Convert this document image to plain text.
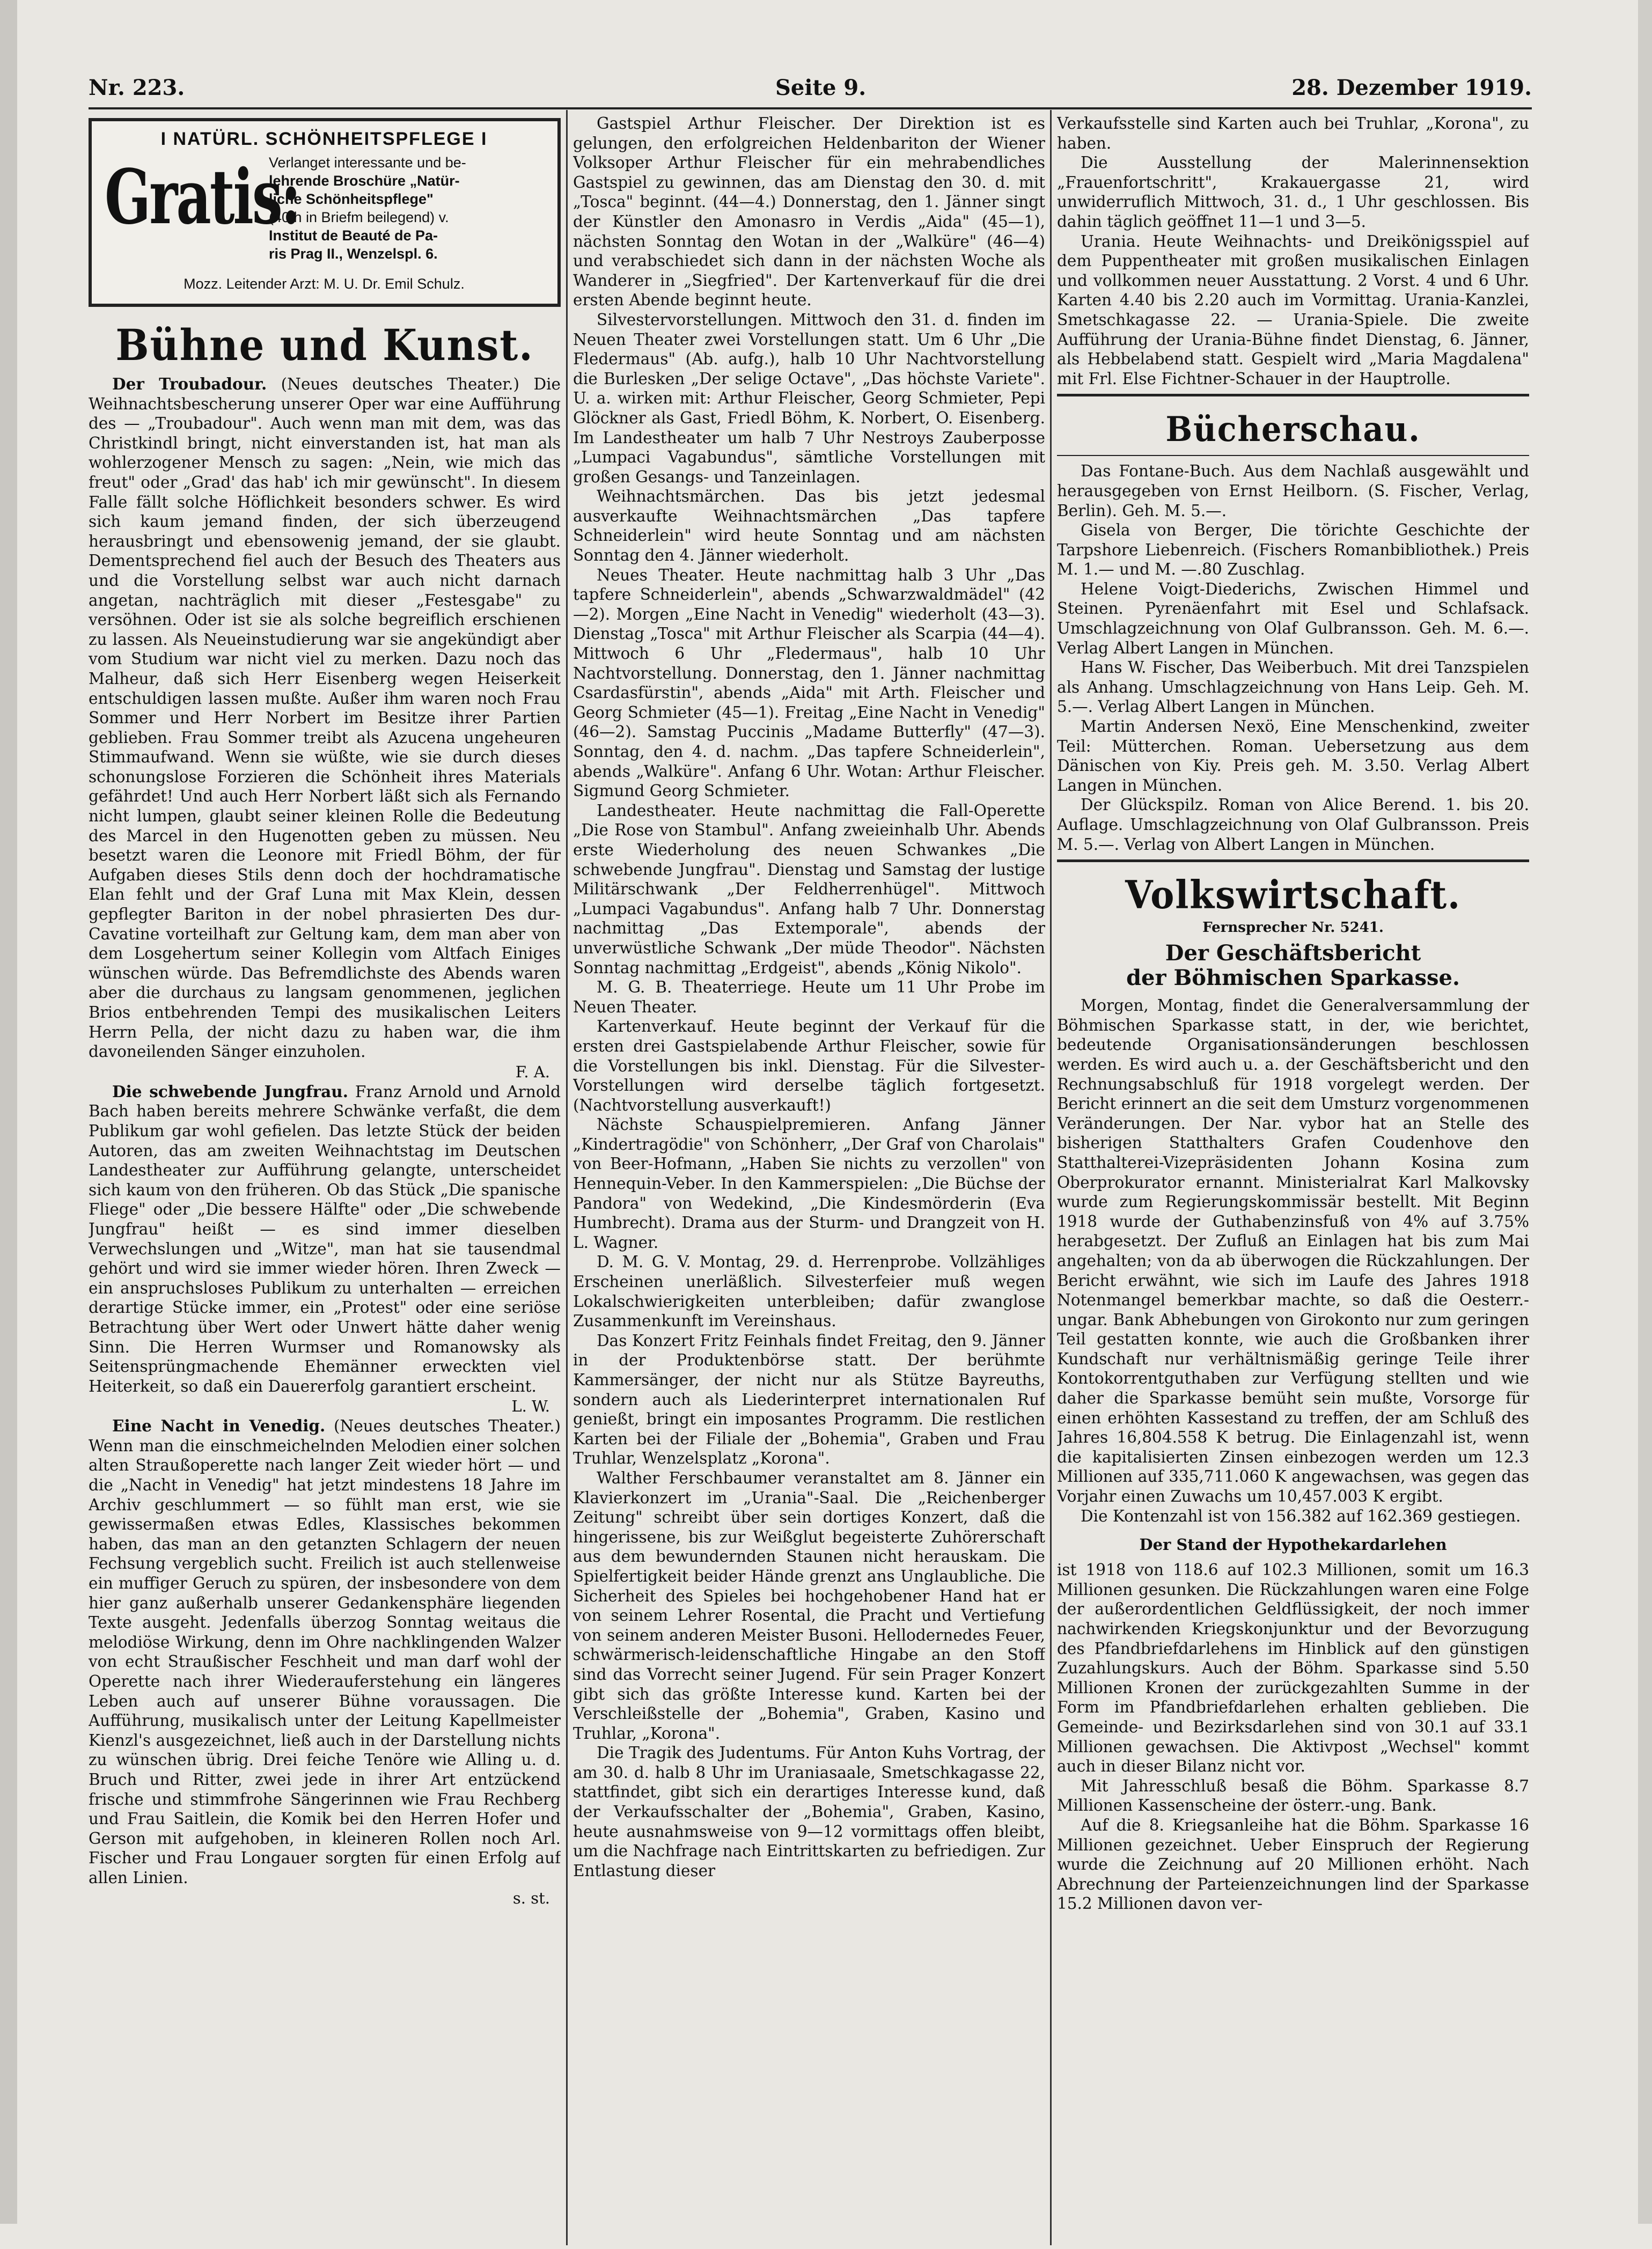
Nr. 223.	Seite 9.	28. Dezember 1919.
I NATÜRL. SCHÖNHEITSPFLEGE I
Gratis:
Verlanget interessante und be-
lehrende Broschüre „Natür-
liche Schönheitspflege"
(40 h in Briefm beilegend) v.
Institut de Beauté de Pa-
ris Prag II., Wenzelspl. 6.
Mozz. Leitender Arzt: M. U. Dr. Emil Schulz.
Bühne und Kunst.

Der Troubadour. (Neues deutsches Theater.) Die Weihnachtsbescherung unserer Oper war eine Aufführung des — „Troubadour". Auch wenn man mit dem, was das Christkindl bringt, nicht einverstanden ist, hat man als wohlerzogener Mensch zu sagen: „Nein, wie mich das freut" oder „Grad' das hab' ich mir gewünscht". In diesem Falle fällt solche Höflichkeit besonders schwer. Es wird sich kaum jemand finden, der sich überzeugend herausbringt und ebensowenig jemand, der sie glaubt. Dementsprechend fiel auch der Besuch des Theaters aus und die Vorstellung selbst war auch nicht darnach angetan, nachträglich mit dieser „Festesgabe" zu versöhnen. Oder ist sie als solche begreiflich erschienen zu lassen. Als Neueinstudierung war sie angekündigt aber vom Studium war nicht viel zu merken. Dazu noch das Malheur, daß sich Herr Eisenberg wegen Heiserkeit entschuldigen lassen mußte. Außer ihm waren noch Frau Sommer und Herr Norbert im Besitze ihrer Partien geblieben. Frau Sommer treibt als Azucena ungeheuren Stimmaufwand. Wenn sie wüßte, wie sie durch dieses schonungslose Forzieren die Schönheit ihres Materials gefährdet! Und auch Herr Norbert läßt sich als Fernando nicht lumpen, glaubt seiner kleinen Rolle die Bedeutung des Marcel in den Hugenotten geben zu müssen. Neu besetzt waren die Leonore mit Friedl Böhm, der für Aufgaben dieses Stils denn doch der hochdramatische Elan fehlt und der Graf Luna mit Max Klein, dessen gepflegter Bariton in der nobel phrasierten Des dur-Cavatine vorteilhaft zur Geltung kam, dem man aber von dem Losgehertum seiner Kollegin vom Altfach Einiges wünschen würde. Das Befremdlichste des Abends waren aber die durchaus zu langsam genommenen, jeglichen Brios entbehrenden Tempi des musikalischen Leiters Herrn Pella, der nicht dazu zu haben war, die ihm davoneilenden Sänger einzuholen.

F. A.

Die schwebende Jungfrau. Franz Arnold und Arnold Bach haben bereits mehrere Schwänke verfaßt, die dem Publikum gar wohl gefielen. Das letzte Stück der beiden Autoren, das am zweiten Weihnachtstag im Deutschen Landestheater zur Aufführung gelangte, unterscheidet sich kaum von den früheren. Ob das Stück „Die spanische Fliege" oder „Die bessere Hälfte" oder „Die schwebende Jungfrau" heißt — es sind immer dieselben Verwechslungen und „Witze", man hat sie tausendmal gehört und wird sie immer wieder hören. Ihren Zweck — ein anspruchsloses Publikum zu unterhalten — erreichen derartige Stücke immer, ein „Protest" oder eine seriöse Betrachtung über Wert oder Unwert hätte daher wenig Sinn. Die Herren Wurmser und Romanowsky als Seitensprüngmachende Ehemänner erweckten viel Heiterkeit, so daß ein Dauererfolg garantiert erscheint.

L. W.

Eine Nacht in Venedig. (Neues deutsches Theater.) Wenn man die einschmeichelnden Melodien einer solchen alten Straußoperette nach langer Zeit wieder hört — und die „Nacht in Venedig" hat jetzt mindestens 18 Jahre im Archiv geschlummert — so fühlt man erst, wie sie gewissermaßen etwas Edles, Klassisches bekommen haben, das man an den getanzten Schlagern der neuen Fechsung vergeblich sucht. Freilich ist auch stellenweise ein muffiger Geruch zu spüren, der insbesondere von dem hier ganz außerhalb unserer Gedankensphäre liegenden Texte ausgeht. Jedenfalls überzog Sonntag weitaus die melodiöse Wirkung, denn im Ohre nachklingenden Walzer von echt Straußischer Feschheit und man darf wohl der Operette nach ihrer Wiederauferstehung ein längeres Leben auch auf unserer Bühne voraussagen. Die Aufführung, musikalisch unter der Leitung Kapellmeister Kienzl's ausgezeichnet, ließ auch in der Darstellung nichts zu wünschen übrig. Drei feiche Tenöre wie Alling u. d. Bruch und Ritter, zwei jede in ihrer Art entzückend frische und stimmfrohe Sängerinnen wie Frau Rechberg und Frau Saitlein, die Komik bei den Herren Hofer und Gerson mit aufgehoben, in kleineren Rollen noch Arl. Fischer und Frau Longauer sorgten für einen Erfolg auf allen Linien.

s. st.

Gastspiel Arthur Fleischer. Der Direktion ist es gelungen, den erfolgreichen Heldenbariton der Wiener Volksoper Arthur Fleischer für ein mehrabendliches Gastspiel zu gewinnen, das am Dienstag den 30. d. mit „Tosca" beginnt. (44—4.) Donnerstag, den 1. Jänner singt der Künstler den Amonasro in Verdis „Aida" (45—1), nächsten Sonntag den Wotan in der „Walküre" (46—4) und verabschiedet sich dann in der nächsten Woche als Wanderer in „Siegfried". Der Kartenverkauf für die drei ersten Abende beginnt heute.

Silvestervorstellungen. Mittwoch den 31. d. finden im Neuen Theater zwei Vorstellungen statt. Um 6 Uhr „Die Fledermaus" (Ab. aufg.), halb 10 Uhr Nachtvorstellung die Burlesken „Der selige Octave", „Das höchste Variete". U. a. wirken mit: Arthur Fleischer, Georg Schmieter, Pepi Glöckner als Gast, Friedl Böhm, K. Norbert, O. Eisenberg. Im Landestheater um halb 7 Uhr Nestroys Zauberposse „Lumpaci Vagabundus", sämtliche Vorstellungen mit großen Gesangs- und Tanzeinlagen.

Weihnachtsmärchen. Das bis jetzt jedesmal ausverkaufte Weihnachtsmärchen „Das tapfere Schneiderlein" wird heute Sonntag und am nächsten Sonntag den 4. Jänner wiederholt.

Neues Theater. Heute nachmittag halb 3 Uhr „Das tapfere Schneiderlein", abends „Schwarzwaldmädel" (42—2). Morgen „Eine Nacht in Venedig" wiederholt (43—3). Dienstag „Tosca" mit Arthur Fleischer als Scarpia (44—4). Mittwoch 6 Uhr „Fledermaus", halb 10 Uhr Nachtvorstellung. Donnerstag, den 1. Jänner nachmittag Csardasfürstin", abends „Aida" mit Arth. Fleischer und Georg Schmieter (45—1). Freitag „Eine Nacht in Venedig" (46—2). Samstag Puccinis „Madame Butterfly" (47—3). Sonntag, den 4. d. nachm. „Das tapfere Schneiderlein", abends „Walküre". Anfang 6 Uhr. Wotan: Arthur Fleischer. Sigmund Georg Schmieter.

Landestheater. Heute nachmittag die Fall-Operette „Die Rose von Stambul". Anfang zweieinhalb Uhr. Abends erste Wiederholung des neuen Schwankes „Die schwebende Jungfrau". Dienstag und Samstag der lustige Militärschwank „Der Feldherrenhügel". Mittwoch „Lumpaci Vagabundus". Anfang halb 7 Uhr. Donnerstag nachmittag „Das Extemporale", abends der unverwüstliche Schwank „Der müde Theodor". Nächsten Sonntag nachmittag „Erdgeist", abends „König Nikolo".

M. G. B. Theaterriege. Heute um 11 Uhr Probe im Neuen Theater.

Kartenverkauf. Heute beginnt der Verkauf für die ersten drei Gastspielabende Arthur Fleischer, sowie für die Vorstellungen bis inkl. Dienstag. Für die Silvester-Vorstellungen wird derselbe täglich fortgesetzt. (Nachtvorstellung ausverkauft!)

Nächste Schauspielpremieren. Anfang Jänner „Kindertragödie" von Schönherr, „Der Graf von Charolais" von Beer-Hofmann, „Haben Sie nichts zu verzollen" von Hennequin-Veber. In den Kammerspielen: „Die Büchse der Pandora" von Wedekind, „Die Kindesmörderin (Eva Humbrecht). Drama aus der Sturm- und Drangzeit von H. L. Wagner.

D. M. G. V. Montag, 29. d. Herrenprobe. Vollzähliges Erscheinen unerläßlich. Silvesterfeier muß wegen Lokalschwierigkeiten unterbleiben; dafür zwanglose Zusammenkunft im Vereinshaus.

Das Konzert Fritz Feinhals findet Freitag, den 9. Jänner in der Produktenbörse statt. Der berühmte Kammersänger, der nicht nur als Stütze Bayreuths, sondern auch als Liederinterpret internationalen Ruf genießt, bringt ein imposantes Programm. Die restlichen Karten bei der Filiale der „Bohemia", Graben und Frau Truhlar, Wenzelsplatz „Korona".

Walther Ferschbaumer veranstaltet am 8. Jänner ein Klavierkonzert im „Urania"-Saal. Die „Reichenberger Zeitung" schreibt über sein dortiges Konzert, daß die hingerissene, bis zur Weißglut begeisterte Zuhörerschaft aus dem bewundernden Staunen nicht herauskam. Die Spielfertigkeit beider Hände grenzt ans Unglaubliche. Die Sicherheit des Spieles bei hochgehobener Hand hat er von seinem Lehrer Rosental, die Pracht und Vertiefung von seinem anderen Meister Busoni. Hellodernedes Feuer, schwärmerisch-leidenschaftliche Hingabe an den Stoff sind das Vorrecht seiner Jugend. Für sein Prager Konzert gibt sich das größte Interesse kund. Karten bei der Verschleißstelle der „Bohemia", Graben, Kasino und Truhlar, „Korona".

Die Tragik des Judentums. Für Anton Kuhs Vortrag, der am 30. d. halb 8 Uhr im Uraniasaale, Smetschkagasse 22, stattfindet, gibt sich ein derartiges Interesse kund, daß der Verkaufsschalter der „Bohemia", Graben, Kasino, heute ausnahmsweise von 9—12 vormittags offen bleibt, um die Nachfrage nach Eintrittskarten zu befriedigen. Zur Entlastung dieser

Verkaufsstelle sind Karten auch bei Truhlar, „Korona", zu haben.

Die Ausstellung der Malerinnensektion „Frauenfortschritt", Krakauergasse 21, wird unwiderruflich Mittwoch, 31. d., 1 Uhr geschlossen. Bis dahin täglich geöffnet 11—1 und 3—5.

Urania. Heute Weihnachts- und Dreikönigsspiel auf dem Puppentheater mit großen musikalischen Einlagen und vollkommen neuer Ausstattung. 2 Vorst. 4 und 6 Uhr. Karten 4.40 bis 2.20 auch im Vormittag. Urania-Kanzlei, Smetschkagasse 22. — Urania-Spiele. Die zweite Aufführung der Urania-Bühne findet Dienstag, 6. Jänner, als Hebbelabend statt. Gespielt wird „Maria Magdalena" mit Frl. Else Fichtner-Schauer in der Hauptrolle.

Bücherschau.

Das Fontane-Buch. Aus dem Nachlaß ausgewählt und herausgegeben von Ernst Heilborn. (S. Fischer, Verlag, Berlin). Geh. M. 5.—.

Gisela von Berger, Die törichte Geschichte der Tarpshore Liebenreich. (Fischers Romanbibliothek.) Preis M. 1.— und M. —.80 Zuschlag.

Helene Voigt-Diederichs, Zwischen Himmel und Steinen. Pyrenäenfahrt mit Esel und Schlafsack. Umschlagzeichnung von Olaf Gulbransson. Geh. M. 6.—. Verlag Albert Langen in München.

Hans W. Fischer, Das Weiberbuch. Mit drei Tanzspielen als Anhang. Umschlagzeichnung von Hans Leip. Geh. M. 5.—. Verlag Albert Langen in München.

Martin Andersen Nexö, Eine Menschenkind, zweiter Teil: Mütterchen. Roman. Uebersetzung aus dem Dänischen von Kiy. Preis geh. M. 3.50. Verlag Albert Langen in München.

Der Glückspilz. Roman von Alice Berend. 1. bis 20. Auflage. Umschlagzeichnung von Olaf Gulbransson. Preis M. 5.—. Verlag von Albert Langen in München.

Volkswirtschaft.
Fernsprecher Nr. 5241.
Der Geschäftsbericht
der Böhmischen Sparkasse.

Morgen, Montag, findet die Generalversammlung der Böhmischen Sparkasse statt, in der, wie berichtet, bedeutende Organisationsänderungen beschlossen werden. Es wird auch u. a. der Geschäftsbericht und den Rechnungsabschluß für 1918 vorgelegt werden. Der Bericht erinnert an die seit dem Umsturz vorgenommenen Veränderungen. Der Nar. vybor hat an Stelle des bisherigen Statthalters Grafen Coudenhove den Statthalterei-Vizepräsidenten Johann Kosina zum Oberprokurator ernannt. Ministerialrat Karl Malkovsky wurde zum Regierungskommissär bestellt. Mit Beginn 1918 wurde der Guthabenzinsfuß von 4% auf 3.75% herabgesetzt. Der Zufluß an Einlagen hat bis zum Mai angehalten; von da ab überwogen die Rückzahlungen. Der Bericht erwähnt, wie sich im Laufe des Jahres 1918 Notenmangel bemerkbar machte, so daß die Oesterr.-ungar. Bank Abhebungen von Girokonto nur zum geringen Teil gestatten konnte, wie auch die Großbanken ihrer Kundschaft nur verhältnismäßig geringe Teile ihrer Kontokorrentguthaben zur Verfügung stellten und wie daher die Sparkasse bemüht sein mußte, Vorsorge für einen erhöhten Kassestand zu treffen, der am Schluß des Jahres 16,804.558 K betrug. Die Einlagenzahl ist, wenn die kapitalisierten Zinsen einbezogen werden um 12.3 Millionen auf 335,711.060 K angewachsen, was gegen das Vorjahr einen Zuwachs um 10,457.003 K ergibt.

Die Kontenzahl ist von 156.382 auf 162.369 gestiegen.

Der Stand der Hypothekardarlehen

ist 1918 von 118.6 auf 102.3 Millionen, somit um 16.3 Millionen gesunken. Die Rückzahlungen waren eine Folge der außerordentlichen Geldflüssigkeit, der noch immer nachwirkenden Kriegskonjunktur und der Bevorzugung des Pfandbriefdarlehens im Hinblick auf den günstigen Zuzahlungskurs. Auch der Böhm. Sparkasse sind 5.50 Millionen Kronen der zurückgezahlten Summe in der Form im Pfandbriefdarlehen erhalten geblieben. Die Gemeinde- und Bezirksdarlehen sind von 30.1 auf 33.1 Millionen gewachsen. Die Aktivpost „Wechsel" kommt auch in dieser Bilanz nicht vor.

Mit Jahresschluß besaß die Böhm. Sparkasse 8.7 Millionen Kassenscheine der österr.-ung. Bank.

Auf die 8. Kriegsanleihe hat die Böhm. Sparkasse 16 Millionen gezeichnet. Ueber Einspruch der Regierung wurde die Zeichnung auf 20 Millionen erhöht. Nach Abrechnung der Parteienzeichnungen lind der Sparkasse 15.2 Millionen davon ver-
